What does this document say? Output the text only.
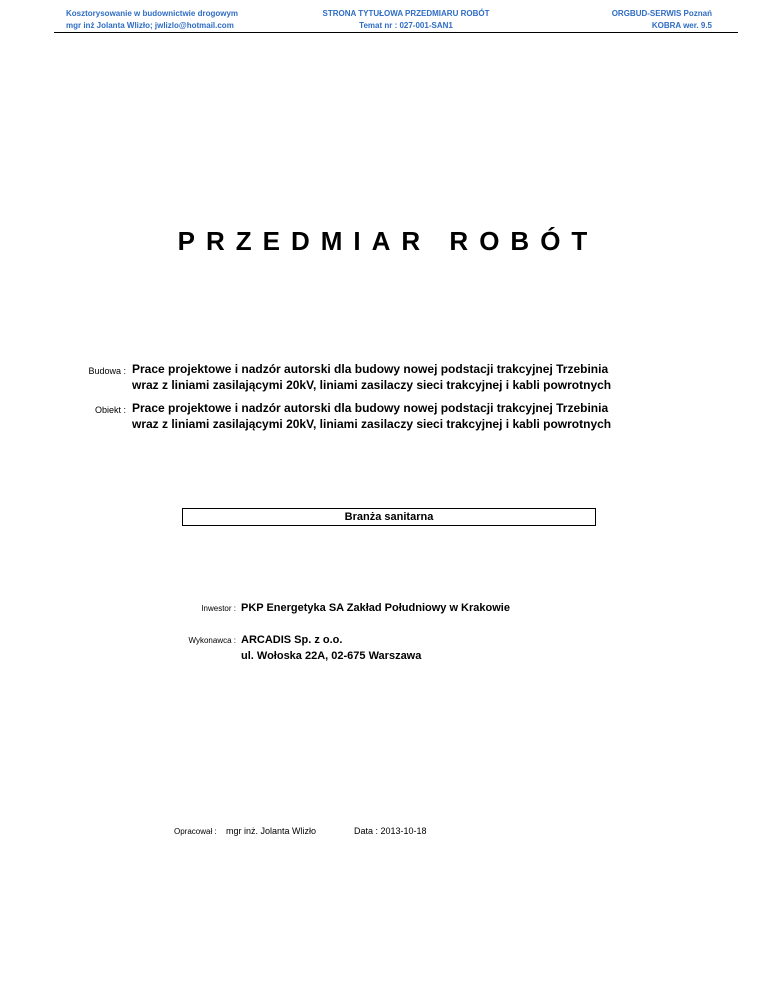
Kosztorysowanie w budownictwie drogowym
mgr inż Jolanta Wlizło; jwlizlo@hotmail.com
STRONA TYTUŁOWA PRZEDMIARU ROBÓT
Temat nr : 027-001-SAN1
ORGBUD-SERWIS Poznań
KOBRA wer. 9.5
PRZEDMIAR ROBÓT
Budowa : Prace projektowe i nadzór autorski dla budowy nowej podstacji trakcyjnej Trzebinia
wraz z liniami zasilającymi 20kV, liniami zasilaczy sieci trakcyjnej i kabli powrotnych
Obiekt : Prace projektowe i nadzór autorski dla budowy nowej podstacji trakcyjnej Trzebinia
wraz z liniami zasilającymi 20kV, liniami zasilaczy sieci trakcyjnej i kabli powrotnych
Branża sanitarna
Inwestor : PKP Energetyka SA Zakład Południowy w Krakowie
Wykonawca : ARCADIS Sp. z o.o.
ul. Wołoska 22A, 02-675 Warszawa
Opracował : mgr inż. Jolanta Wlizło	Data : 2013-10-18
